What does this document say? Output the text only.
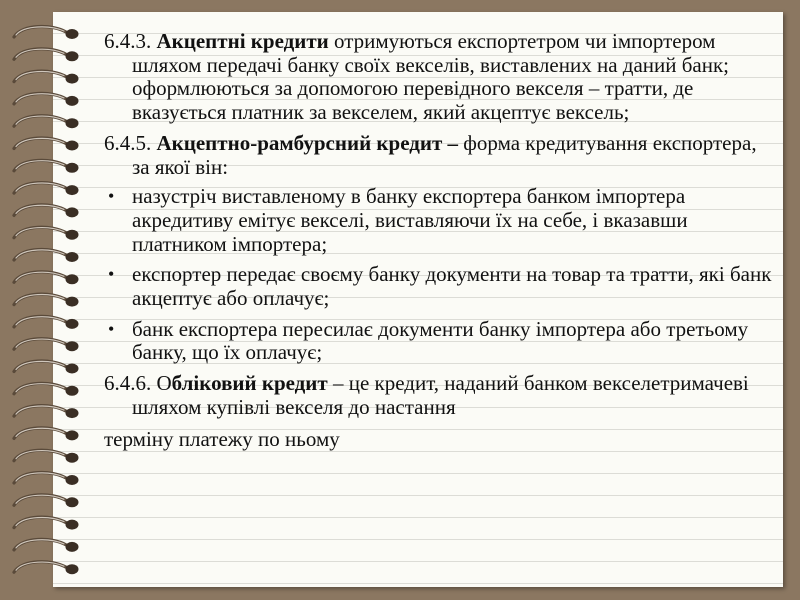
6.4.3. Акцептні кредити отримуються експортетром чи імпортером шляхом передачі банку своїх векселів, виставлених на даний банк; оформлюються за допомогою перевідного векселя – тратти, де вказується платник за векселем, який акцептує вексель;

6.4.5. Акцептно-рамбурсний кредит – форма кредитування експортера, за якої він:

• назустріч виставленому в банку експортера банком імпортера акредитиву емітує векселі, виставляючи їх на себе, і вказавши платником імпортера;
• експортер передає своєму банку документи на товар та тратти, які банк акцептує або оплачує;
• банк експортера пересилає документи банку імпортера або третьому банку, що їх оплачує;

6.4.6. Обліковий кредит – це кредит, наданий банком векселетримачеві шляхом купівлі векселя до настання
терміну платежу по ньому
